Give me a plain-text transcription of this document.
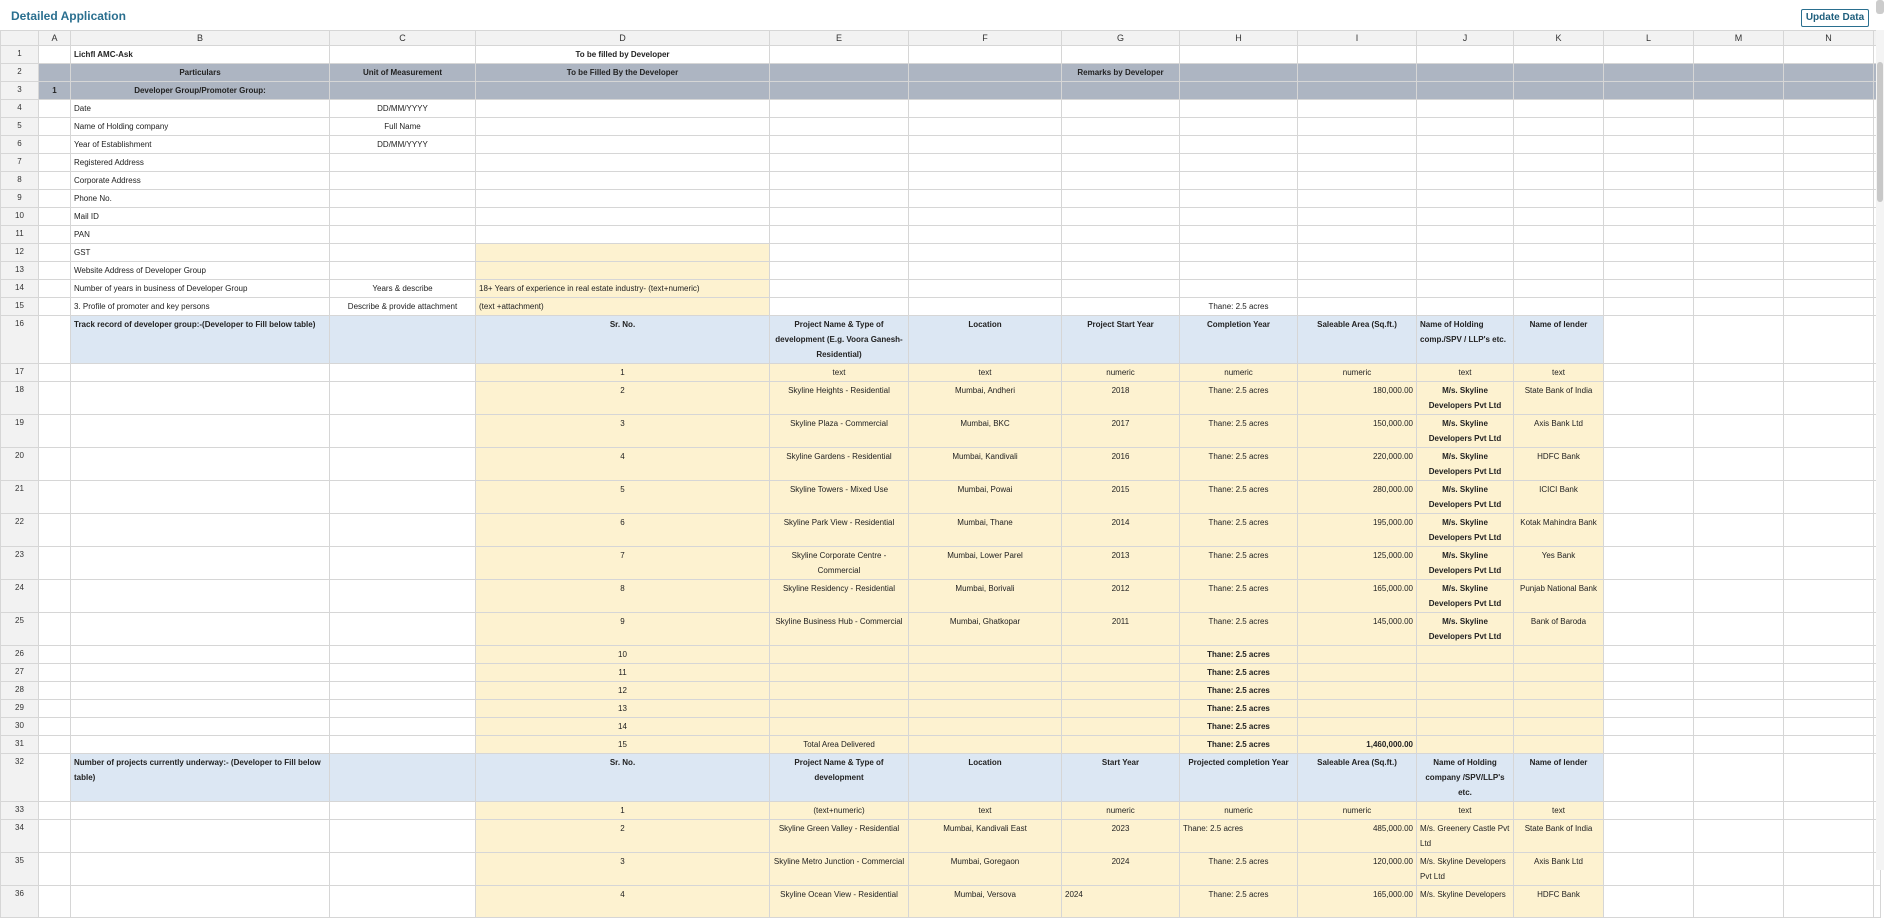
Detailed Application	Update Data
	A	B	C	D	E	F	G	H	I	J	K	L	M	N	
1		Lichfl AMC-Ask		To be filled by Developer											
2		Particulars	Unit of Measurement	To be Filled By the Developer			Remarks by Developer								
3	1	Developer Group/Promoter Group:													
4		Date	DD/MM/YYYY												
5		Name of Holding company	Full Name												
6		Year of Establishment	DD/MM/YYYY												
7		Registered Address													
8		Corporate Address													
9		Phone No.													
10		Mail ID													
11		PAN													
12		GST													
13		Website Address of Developer Group													
14		Number of years in business of Developer Group	Years & describe	18+ Years of experience in real estate industry- (text+numeric)											
15		3. Profile of promoter and key persons	Describe & provide attachment	(text +attachment)				Thane: 2.5 acres							
16		Track record of developer group:-(Developer to Fill below table)		Sr. No.	Project Name & Type of development (E.g. Voora Ganesh- Residential)	Location	Project Start Year	Completion Year	Saleable Area (Sq.ft.)	Name of Holding comp./SPV / LLP's etc.	Name of lender				
17				1	text	text	numeric	numeric	numeric	text	text				
18				2	Skyline Heights - Residential	Mumbai, Andheri	2018	Thane: 2.5 acres	180,000.00	M/s. Skyline Developers Pvt Ltd	State Bank of India				
19				3	Skyline Plaza - Commercial	Mumbai, BKC	2017	Thane: 2.5 acres	150,000.00	M/s. Skyline Developers Pvt Ltd	Axis Bank Ltd				
20				4	Skyline Gardens - Residential	Mumbai, Kandivali	2016	Thane: 2.5 acres	220,000.00	M/s. Skyline Developers Pvt Ltd	HDFC Bank				
21				5	Skyline Towers - Mixed Use	Mumbai, Powai	2015	Thane: 2.5 acres	280,000.00	M/s. Skyline Developers Pvt Ltd	ICICI Bank				
22				6	Skyline Park View - Residential	Mumbai, Thane	2014	Thane: 2.5 acres	195,000.00	M/s. Skyline Developers Pvt Ltd	Kotak Mahindra Bank				
23				7	Skyline Corporate Centre - Commercial	Mumbai, Lower Parel	2013	Thane: 2.5 acres	125,000.00	M/s. Skyline Developers Pvt Ltd	Yes Bank				
24				8	Skyline Residency - Residential	Mumbai, Borivali	2012	Thane: 2.5 acres	165,000.00	M/s. Skyline Developers Pvt Ltd	Punjab National Bank				
25				9	Skyline Business Hub - Commercial	Mumbai, Ghatkopar	2011	Thane: 2.5 acres	145,000.00	M/s. Skyline Developers Pvt Ltd	Bank of Baroda				
26				10				Thane: 2.5 acres							
27				11				Thane: 2.5 acres							
28				12				Thane: 2.5 acres							
29				13				Thane: 2.5 acres							
30				14				Thane: 2.5 acres							
31				15	Total Area Delivered			Thane: 2.5 acres	1,460,000.00						
32		Number of projects currently underway:- (Developer to Fill below table)		Sr. No.	Project Name & Type of development	Location	Start Year	Projected completion Year	Saleable Area (Sq.ft.)	Name of Holding company /SPV/LLP's etc.	Name of lender				
33				1	(text+numeric)	text	numeric	numeric	numeric	text	text				
34				2	Skyline Green Valley - Residential	Mumbai, Kandivali East	2023	Thane: 2.5 acres	485,000.00	M/s. Greenery Castle Pvt Ltd	State Bank of India				
35				3	Skyline Metro Junction - Commercial	Mumbai, Goregaon	2024	Thane: 2.5 acres	120,000.00	M/s. Skyline Developers Pvt Ltd	Axis Bank Ltd				
36				4	Skyline Ocean View - Residential	Mumbai, Versova	2024	Thane: 2.5 acres	165,000.00	M/s. Skyline Developers	HDFC Bank				
